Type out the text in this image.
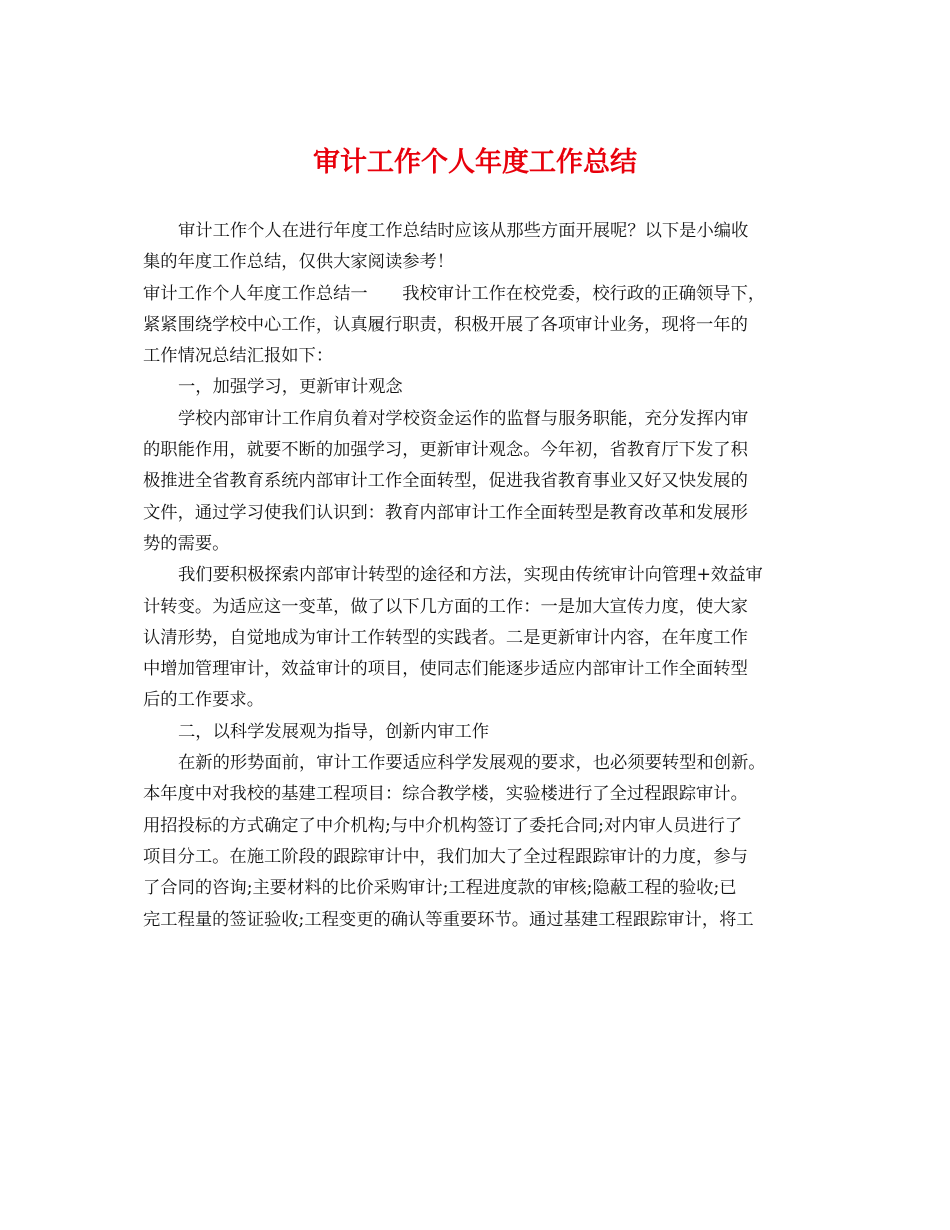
审计工作个人年度工作总结

审计工作个人在进行年度工作总结时应该从那些方面开展呢？以下是小编收

集的年度工作总结，仅供大家阅读参考！

审计工作个人年度工作总结一　　我校审计工作在校党委，校行政的正确领导下，

紧紧围绕学校中心工作，认真履行职责，积极开展了各项审计业务，现将一年的

工作情况总结汇报如下：

一，加强学习，更新审计观念

学校内部审计工作肩负着对学校资金运作的监督与服务职能，充分发挥内审

的职能作用，就要不断的加强学习，更新审计观念。今年初，省教育厅下发了积

极推进全省教育系统内部审计工作全面转型，促进我省教育事业又好又快发展的

文件，通过学习使我们认识到：教育内部审计工作全面转型是教育改革和发展形

势的需要。

我们要积极探索内部审计转型的途径和方法，实现由传统审计向管理+效益审

计转变。为适应这一变革，做了以下几方面的工作：一是加大宣传力度，使大家

认清形势，自觉地成为审计工作转型的实践者。二是更新审计内容，在年度工作

中增加管理审计，效益审计的项目，使同志们能逐步适应内部审计工作全面转型

后的工作要求。

二，以科学发展观为指导，创新内审工作

在新的形势面前，审计工作要适应科学发展观的要求，也必须要转型和创新。

本年度中对我校的基建工程项目：综合教学楼，实验楼进行了全过程跟踪审计。

用招投标的方式确定了中介机构;与中介机构签订了委托合同;对内审人员进行了

项目分工。在施工阶段的跟踪审计中，我们加大了全过程跟踪审计的力度，参与

了合同的咨询;主要材料的比价采购审计;工程进度款的审核;隐蔽工程的验收;已

完工程量的签证验收;工程变更的确认等重要环节。通过基建工程跟踪审计，将工
